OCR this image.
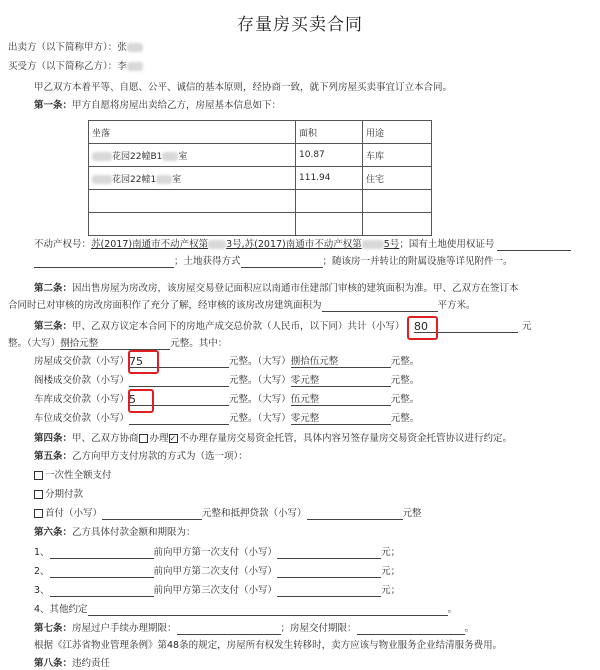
存量房买卖合同
出卖方（以下简称甲方）：张
买受方（以下简称乙方）：李
甲乙双方本着平等、自愿、公平、诚信的基本原则，经协商一致，就下列房屋买卖事宜订立本合同。
第一条：甲方自愿将房屋出卖给乙方，房屋基本信息如下：
坐落	面积	用途
花园22幢B1 室	10.87	车库
花园22幢1 室	111.94	住宅

不动产权号：苏(2017)南通市不动产权第 3号,苏(2017)南通市不动产权第 5号；国有土地使用权证号
；土地获得方式	；随该房一并转让的附属设施等详见附件一。
第二条：因出售房屋为房改房，该房屋交易登记面积应以南通市住建部门审核的建筑面积为准。甲、乙双方在签订本
合同时已对审核的房改房面积作了充分了解，经审核的该房改房建筑面积为	平方米。
第三条：甲、乙双方议定本合同下的房地产成交总价款（人民币，以下同）共计（小写） 80	元
整。（大写）捌拾元整	元整。其中：
房屋成交价款（小写）75	元整。（大写）捌拾伍元整	元整。
阁楼成交价款（小写）	元整。（大写）零元整	元整。
车库成交价款（小写）5	元整。（大写）伍元整	元整。
车位成交价款（小写）	元整。（大写）零元整	元整。
第四条：甲、乙双方协商 办理 ✓ 不办理存量房交易资金托管，具体内容另签存量房交易资金托管协议进行约定。
第五条：乙方向甲方支付房款的方式为（选一项）：
一次性全额支付
分期付款
首付（小写）	元整和抵押贷款（小写）	元整
第六条：乙方具体付款金额和期限为：
1、	前向甲方第一次支付（小写）	元；
2、	前向甲方第二次支付（小写）	元；
3、	前向甲方第三次支付（小写）	元；
4、其他约定	。
第七条：房屋过户手续办理期限：	；房屋交付期限：	。
根据《江苏省物业管理条例》第48条的规定，房屋所有权发生转移时，卖方应该与物业服务企业结清服务费用。
第八条：违约责任
